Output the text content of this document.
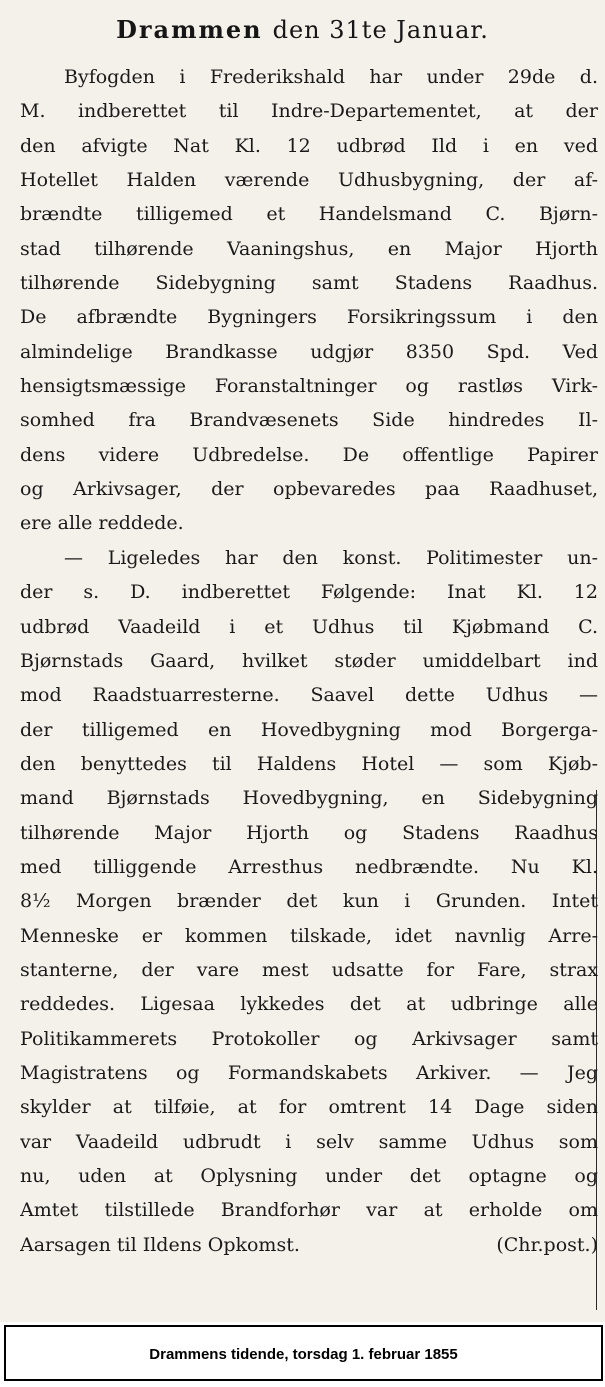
Drammen den 31te Januar.
Byfogden i Frederikshald har under 29de d.
M. indberettet til Indre-Departementet, at der
den afvigte Nat Kl. 12 udbrød Ild i en ved
Hotellet Halden værende Udhusbygning, der af-
brændte tilligemed et Handelsmand C. Bjørn-
stad tilhørende Vaaningshus, en Major Hjorth
tilhørende Sidebygning samt Stadens Raadhus.
De afbrændte Bygningers Forsikringssum i den
almindelige Brandkasse udgjør 8350 Spd. Ved
hensigtsmæssige Foranstaltninger og rastløs Virk-
somhed fra Brandvæsenets Side hindredes Il-
dens videre Udbredelse. De offentlige Papirer
og Arkivsager, der opbevaredes paa Raadhuset,
ere alle reddede.
— Ligeledes har den konst. Politimester un-
der s. D. indberettet Følgende: Inat Kl. 12
udbrød Vaadeild i et Udhus til Kjøbmand C.
Bjørnstads Gaard, hvilket støder umiddelbart ind
mod Raadstuarresterne. Saavel dette Udhus —
der tilligemed en Hovedbygning mod Borgerga-
den benyttedes til Haldens Hotel — som Kjøb-
mand Bjørnstads Hovedbygning, en Sidebygning
tilhørende Major Hjorth og Stadens Raadhus
med tilliggende Arresthus nedbrændte. Nu Kl.
8½ Morgen brænder det kun i Grunden. Intet
Menneske er kommen tilskade, idet navnlig Arre-
stanterne, der vare mest udsatte for Fare, strax
reddedes. Ligesaa lykkedes det at udbringe alle
Politikammerets Protokoller og Arkivsager samt
Magistratens og Formandskabets Arkiver. — Jeg
skylder at tilføie, at for omtrent 14 Dage siden
var Vaadeild udbrudt i selv samme Udhus som
nu, uden at Oplysning under det optagne og
Amtet tilstillede Brandforhør var at erholde om
Aarsagen til Ildens Opkomst.	(Chr.post.)
Drammens tidende, torsdag 1. februar 1855
